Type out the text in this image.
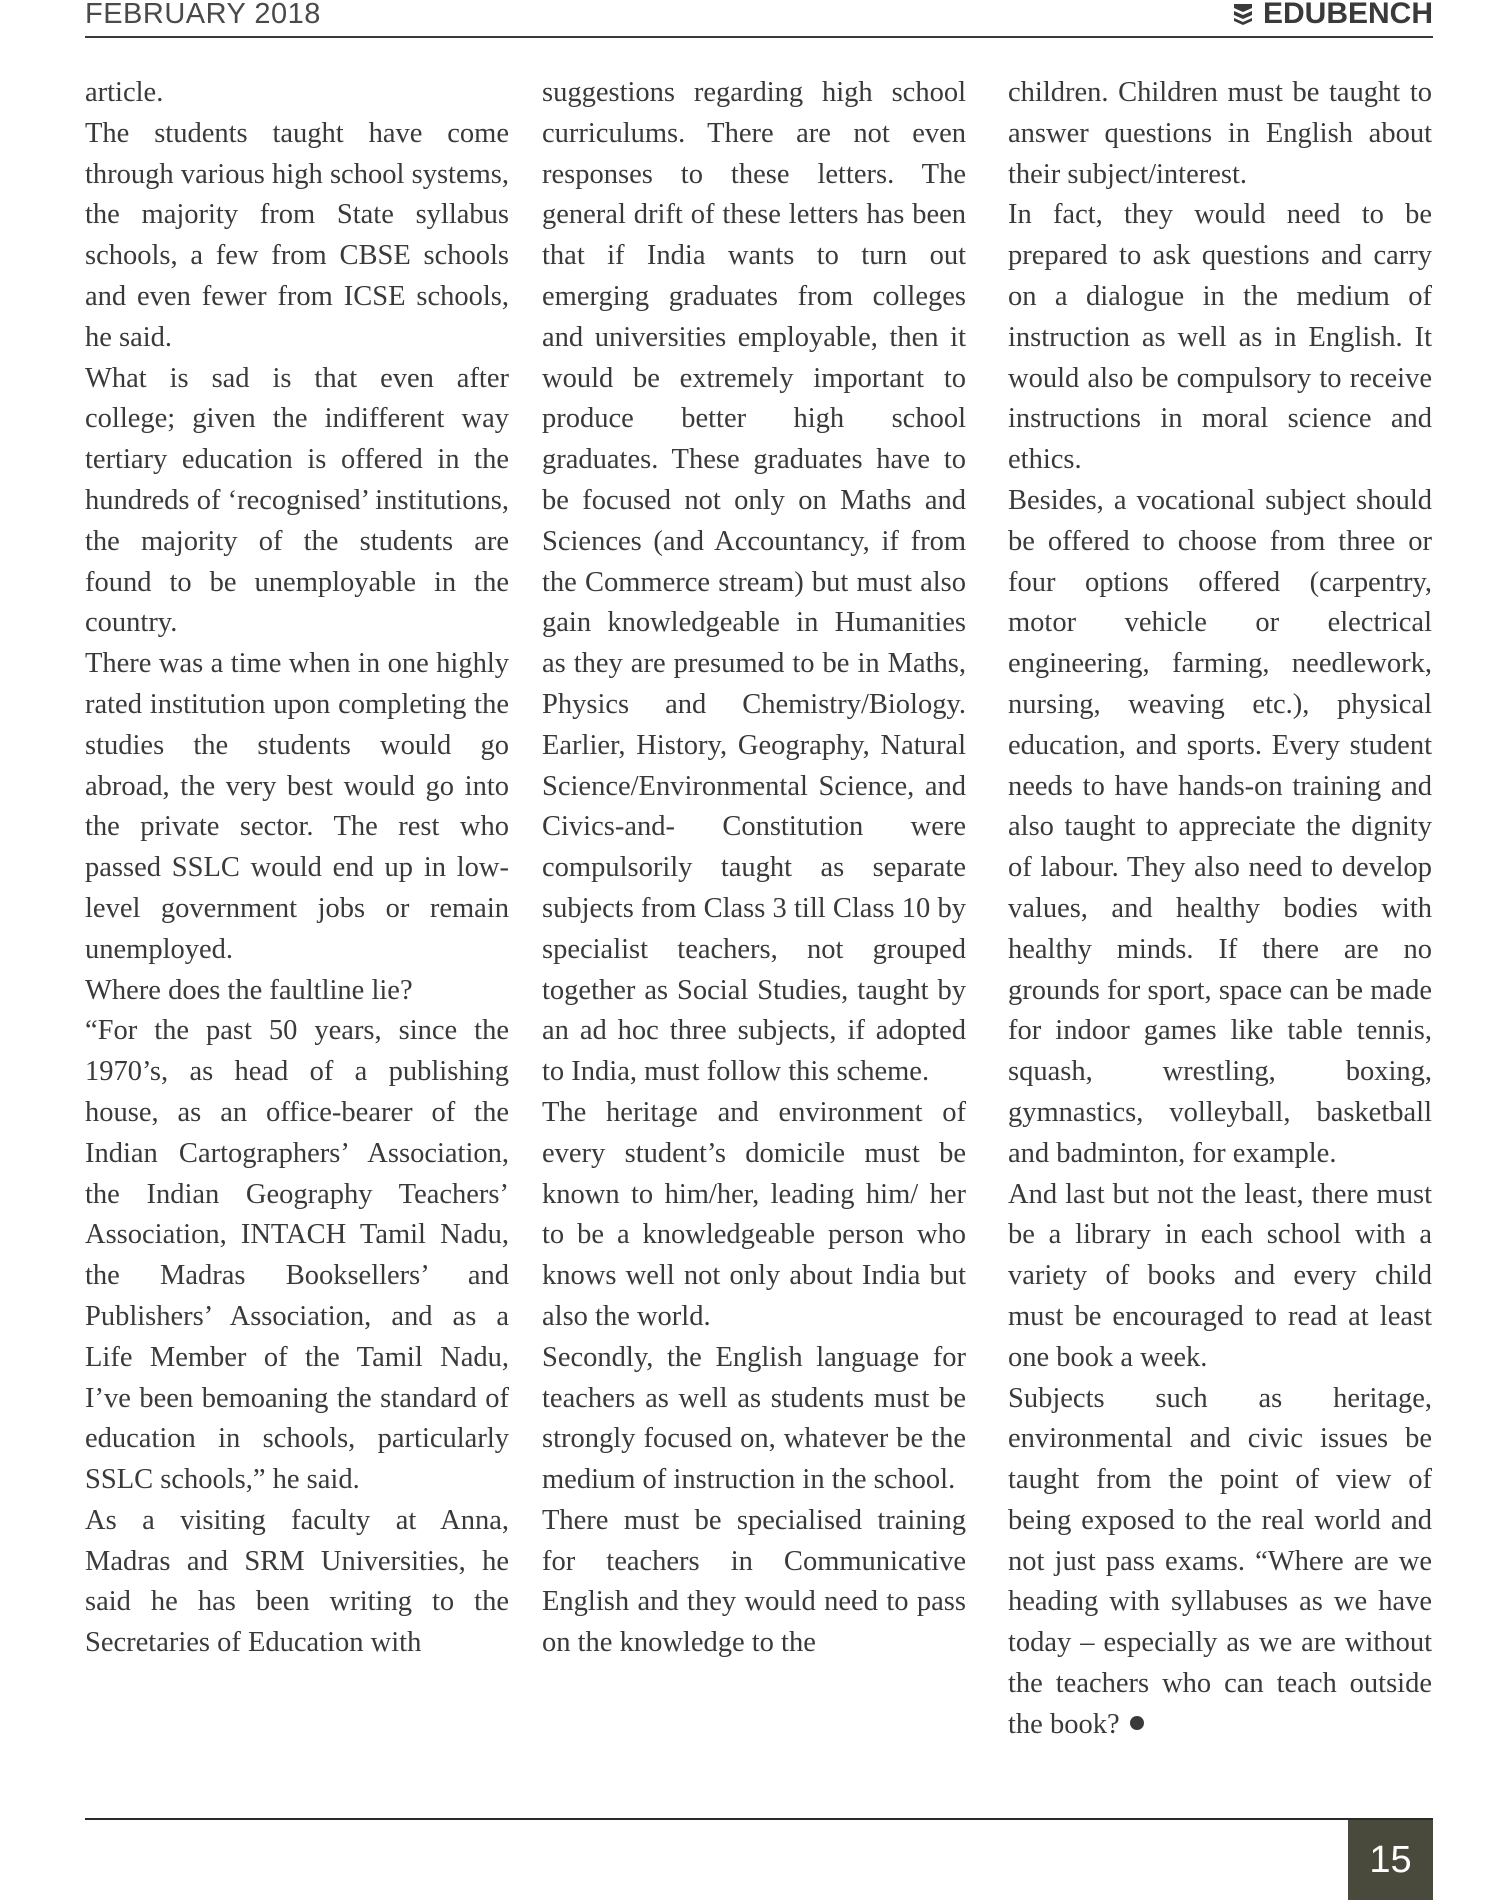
FEBRUARY 2018	EDUBENCH

article.

The students taught have come through various high school systems, the majority from State syllabus schools, a few from CBSE schools and even fewer from ICSE schools, he said.

What is sad is that even after college; given the indifferent way tertiary education is offered in the hundreds of ‘recognised’ institutions, the majority of the students are found to be unemployable in the country.

There was a time when in one highly rated institution upon completing the studies the students would go abroad, the very best would go into the private sector. The rest who passed SSLC would end up in low-level government jobs or remain unemployed.

Where does the faultline lie?

“For the past 50 years, since the 1970’s, as head of a publishing house, as an office-bearer of the Indian Cartographers’ Association, the Indian Geography Teachers’ Association, INTACH Tamil Nadu, the Madras Booksellers’ and Publishers’ Association, and as a Life Member of the Tamil Nadu, I’ve been bemoaning the standard of education in schools, particularly SSLC schools,” he said.

As a visiting faculty at Anna, Madras and SRM Universities, he said he has been writing to the Secretaries of Education with

suggestions regarding high school curriculums. There are not even responses to these letters. The general drift of these letters has been that if India wants to turn out emerging graduates from colleges and universities employable, then it would be extremely important to produce better high school graduates. These graduates have to be focused not only on Maths and Sciences (and Accountancy, if from the Commerce stream) but must also gain knowledgeable in Humanities as they are presumed to be in Maths, Physics and Chemistry/Biology. Earlier, History, Geography, Natural Science/Environmental Science, and Civics-and- Constitution were compulsorily taught as separate subjects from Class 3 till Class 10 by specialist teachers, not grouped together as Social Studies, taught by an ad hoc three subjects, if adopted to India, must follow this scheme.

The heritage and environment of every student’s domicile must be known to him/her, leading him/ her to be a knowledgeable person who knows well not only about India but also the world.

Secondly, the English language for teachers as well as students must be strongly focused on, whatever be the medium of instruction in the school.

There must be specialised training for teachers in Communicative English and they would need to pass on the knowledge to the

children. Children must be taught to answer questions in English about their subject/interest.

In fact, they would need to be prepared to ask questions and carry on a dialogue in the medium of instruction as well as in English. It would also be compulsory to receive instructions in moral science and ethics.

Besides, a vocational subject should be offered to choose from three or four options offered (carpentry, motor vehicle or electrical engineering, farming, needlework, nursing, weaving etc.), physical education, and sports. Every student needs to have hands-on training and also taught to appreciate the dignity of labour. They also need to develop values, and healthy bodies with healthy minds. If there are no grounds for sport, space can be made for indoor games like table tennis, squash, wrestling, boxing, gymnastics, volleyball, basketball and badminton, for example.

And last but not the least, there must be a library in each school with a variety of books and every child must be encouraged to read at least one book a week.

Subjects such as heritage, environmental and civic issues be taught from the point of view of being exposed to the real world and not just pass exams. “Where are we heading with syllabuses as we have today – especially as we are without the teachers who can teach outside the book?

15
